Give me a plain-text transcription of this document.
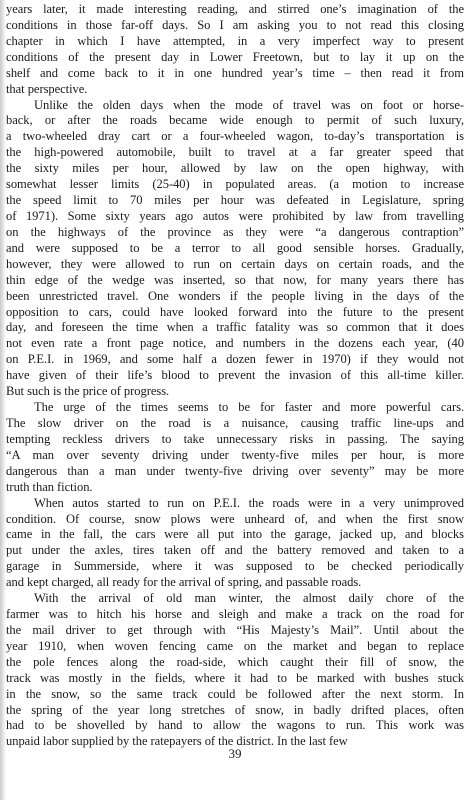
years later, it made interesting reading, and stirred one’s imagination of the
conditions in those far-off days. So I am asking you to not read this closing
chapter in which I have attempted, in a very imperfect way to present
conditions of the present day in Lower Freetown, but to lay it up on the
shelf and come back to it in one hundred year’s time – then read it from
that perspective.

Unlike the olden days when the mode of travel was on foot or horse-
back, or after the roads became wide enough to permit of such luxury,
a two-wheeled dray cart or a four-wheeled wagon, to-day’s transportation is
the high-powered automobile, built to travel at a far greater speed that
the sixty miles per hour, allowed by law on the open highway, with
somewhat lesser limits (25-40) in populated areas. (a motion to increase
the speed limit to 70 miles per hour was defeated in Legislature, spring
of 1971). Some sixty years ago autos were prohibited by law from travelling
on the highways of the province as they were “a dangerous contraption”
and were supposed to be a terror to all good sensible horses. Gradually,
however, they were allowed to run on certain days on certain roads, and the
thin edge of the wedge was inserted, so that now, for many years there has
been unrestricted travel. One wonders if the people living in the days of the
opposition to cars, could have looked forward into the future to the present
day, and foreseen the time when a traffic fatality was so common that it does
not even rate a front page notice, and numbers in the dozens each year, (40
on P.E.I. in 1969, and some half a dozen fewer in 1970) if they would not
have given of their life’s blood to prevent the invasion of this all-time killer.
But such is the price of progress.

The urge of the times seems to be for faster and more powerful cars.
The slow driver on the road is a nuisance, causing traffic line-ups and
tempting reckless drivers to take unnecessary risks in passing. The saying
“A man over seventy driving under twenty-five miles per hour, is more
dangerous than a man under twenty-five driving over seventy” may be more
truth than fiction.

When autos started to run on P.E.I. the roads were in a very unimproved
condition. Of course, snow plows were unheard of, and when the first snow
came in the fall, the cars were all put into the garage, jacked up, and blocks
put under the axles, tires taken off and the battery removed and taken to a
garage in Summerside, where it was supposed to be checked periodically
and kept charged, all ready for the arrival of spring, and passable roads.

With the arrival of old man winter, the almost daily chore of the
farmer was to hitch his horse and sleigh and make a track on the road for
the mail driver to get through with “His Majesty’s Mail”. Until about the
year 1910, when woven fencing came on the market and began to replace
the pole fences along the road-side, which caught their fill of snow, the
track was mostly in the fields, where it had to be marked with bushes stuck
in the snow, so the same track could be followed after the next storm. In
the spring of the year long stretches of snow, in badly drifted places, often
had to be shovelled by hand to allow the wagons to run. This work was
unpaid labor supplied by the ratepayers of the district. In the last few

39
